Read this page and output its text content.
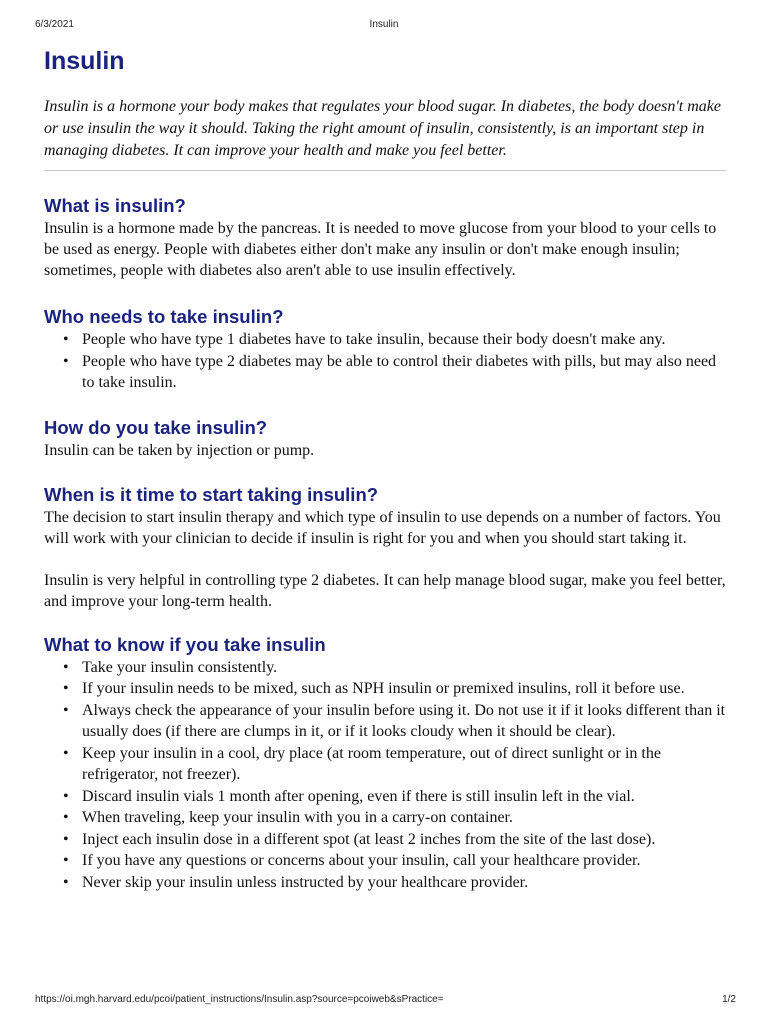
6/3/2021	Insulin
Insulin

Insulin is a hormone your body makes that regulates your blood sugar. In diabetes, the body doesn't make or use insulin the way it should. Taking the right amount of insulin, consistently, is an important step in managing diabetes. It can improve your health and make you feel better.

What is insulin?

Insulin is a hormone made by the pancreas. It is needed to move glucose from your blood to your cells to be used as energy. People with diabetes either don't make any insulin or don't make enough insulin; sometimes, people with diabetes also aren't able to use insulin effectively.

Who needs to take insulin?
• People who have type 1 diabetes have to take insulin, because their body doesn't make any.
• People who have type 2 diabetes may be able to control their diabetes with pills, but may also need to take insulin.
How do you take insulin?

Insulin can be taken by injection or pump.

When is it time to start taking insulin?

The decision to start insulin therapy and which type of insulin to use depends on a number of factors. You will work with your clinician to decide if insulin is right for you and when you should start taking it.

Insulin is very helpful in controlling type 2 diabetes. It can help manage blood sugar, make you feel better, and improve your long-term health.

What to know if you take insulin
• Take your insulin consistently.
• If your insulin needs to be mixed, such as NPH insulin or premixed insulins, roll it before use.
• Always check the appearance of your insulin before using it. Do not use it if it looks different than it usually does (if there are clumps in it, or if it looks cloudy when it should be clear).
• Keep your insulin in a cool, dry place (at room temperature, out of direct sunlight or in the refrigerator, not freezer).
• Discard insulin vials 1 month after opening, even if there is still insulin left in the vial.
• When traveling, keep your insulin with you in a carry-on container.
• Inject each insulin dose in a different spot (at least 2 inches from the site of the last dose).
• If you have any questions or concerns about your insulin, call your healthcare provider.
• Never skip your insulin unless instructed by your healthcare provider.
https://oi.mgh.harvard.edu/pcoi/patient_instructions/Insulin.asp?source=pcoiweb&sPractice=	1/2
